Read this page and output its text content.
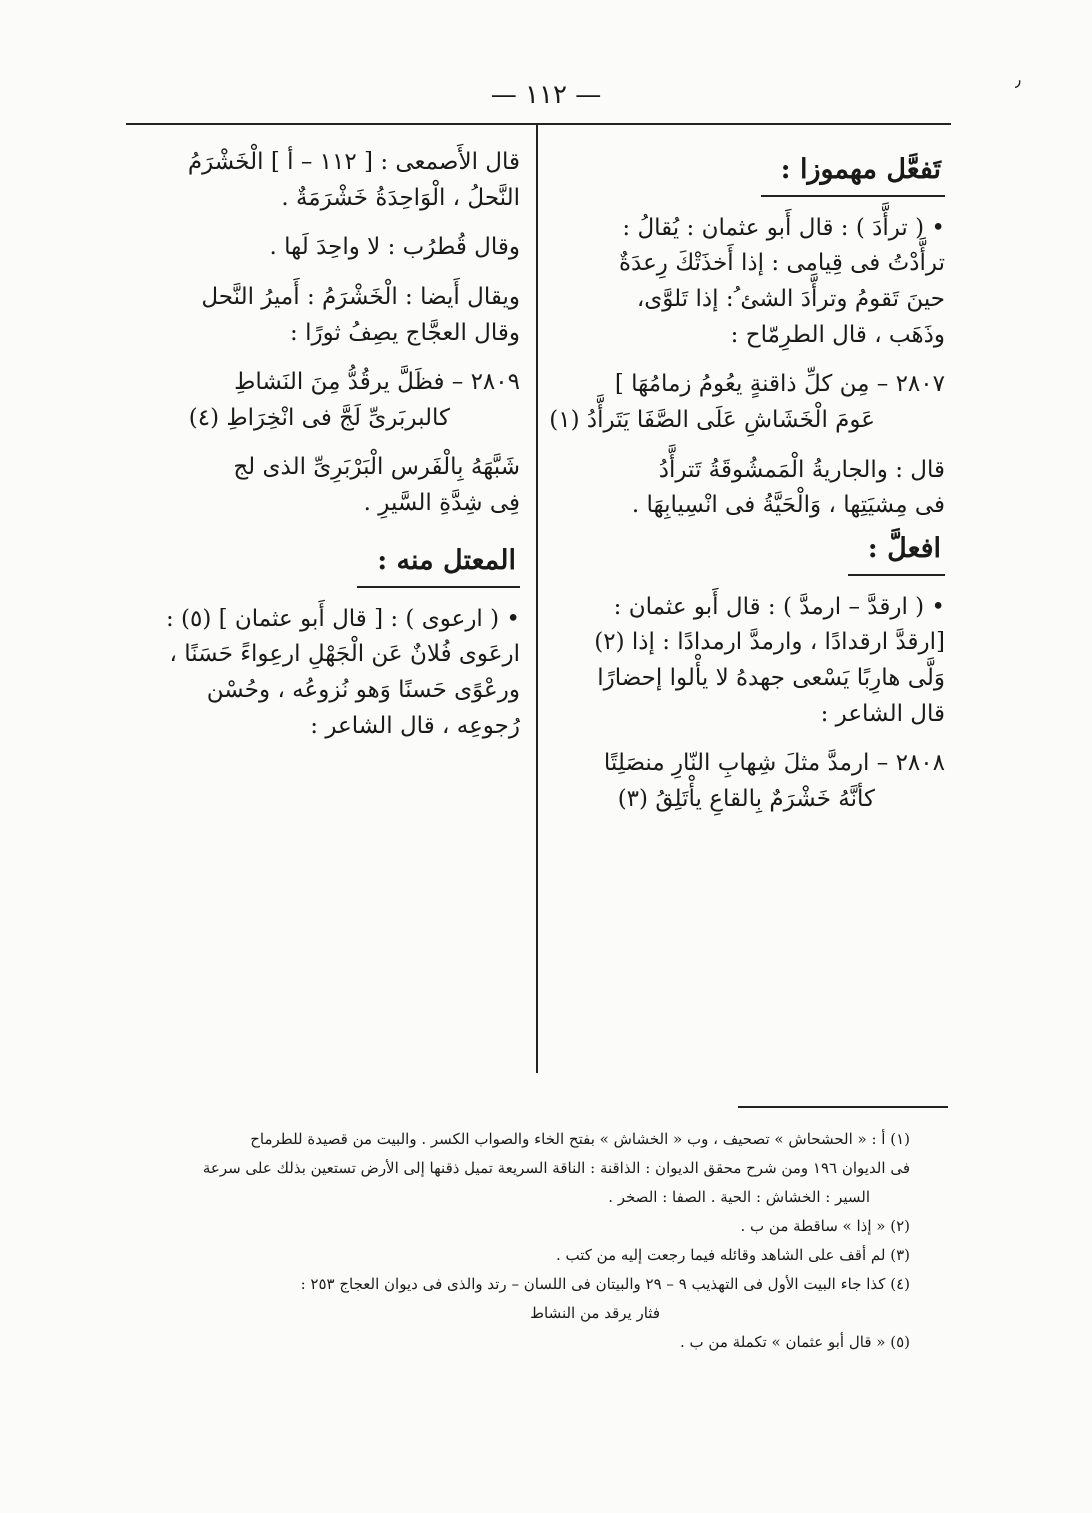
٫
— ١١٢ —
تَفعَّل مهموزا :

• ( ترأَّدَ ) : قال أَبو عثمان : يُقالُ :

ترأَّدْتُ فى قِيامى : إذا أَخذَتْكَ رِعدَةٌ

حينَ تَقومُ وترأَّدَ الشئ ُ: إذا تَلوَّى،

وذَهَب ، قال الطرِمّاح :

٢٨٠٧ – مِن كلِّ ذاقنةٍ يعُومُ زمامُهَا ]

عَومَ الْخَشَاشِ عَلَى الصَّفَا يَتَرأَّدُ (١)

قال : والجاريةُ الْمَمشُوقَةُ تَترأَّدُ

فى مِشيَتِها ، وَالْحَيَّةُ فى انْسِيابِهَا .

افعلَّ :

• ( ارقدَّ – ارمدَّ ) : قال أَبو عثمان :

[ارقدَّ ارقدادًا ، وارمدَّ ارمدادًا : إذا (٢)

وَلَّى هارِبًا يَسْعى جهدهُ لا يأْلوا إحضارًا

قال الشاعر :

٢٨٠٨ – ارمدَّ مثلَ شِهابِ النّارِ منصَلِتًا

كأنَّهُ خَشْرَمٌ بِالقاعِ يأْتَلِقُ (٣)

قال الأَصمعى : [ ١١٢ – أ ] الْخَشْرَمُ

النَّحلُ ، الْوَاحِدَةُ خَشْرَمَةٌ .

وقال قُطرُب : لا واحِدَ لَها .

ويقال أَيضا : الْخَشْرَمُ : أَميرُ النَّحل

وقال العجَّاج يصِفُ ثورًا :

٢٨٠٩ – فظَلَّ يرقُدُّ مِنَ النَشاطِ

كالبربَرىِّ لَجَّ فى انْخِرَاطِ (٤)

شَبَّهَهُ بِالْفَرس الْبَرْبَرِىِّ الذى لج

فِى شِدَّةِ السَّيرِ .

المعتل منه :

• ( ارعوى ) : [ قال أَبو عثمان ] (٥) :

ارعَوى فُلانٌ عَن الْجَهْلِ ارعِواءً حَسَنًا ،

ورعْوًى حَسنًا وَهو نُزوعُه ، وحُسْن

رُجوعِه ، قال الشاعر :

(١) أ : « الحشحاش » تصحيف ، وب « الخشاش » بفتح الخاء والصواب الكسر . والبيت من قصيدة للطرماح

فى الديوان ١٩٦ ومن شرح محقق الديوان : الذاقنة : الناقة السريعة تميل ذقنها إلى الأرض تستعين بذلك على سرعة

السير : الخشاش : الحية . الصفا : الصخر .

(٢) « إذا » ساقطة من ب .

(٣) لم أقف على الشاهد وقائله فيما رجعت إليه من كتب .

(٤) كذا جاء البيت الأول فى التهذيب ٩ – ٢٩ والبيتان فى اللسان – رتد والذى فى ديوان العجاج ٢٥٣ :

فثار يرقد من النشاط

(٥) « قال أبو عثمان » تكملة من ب .
